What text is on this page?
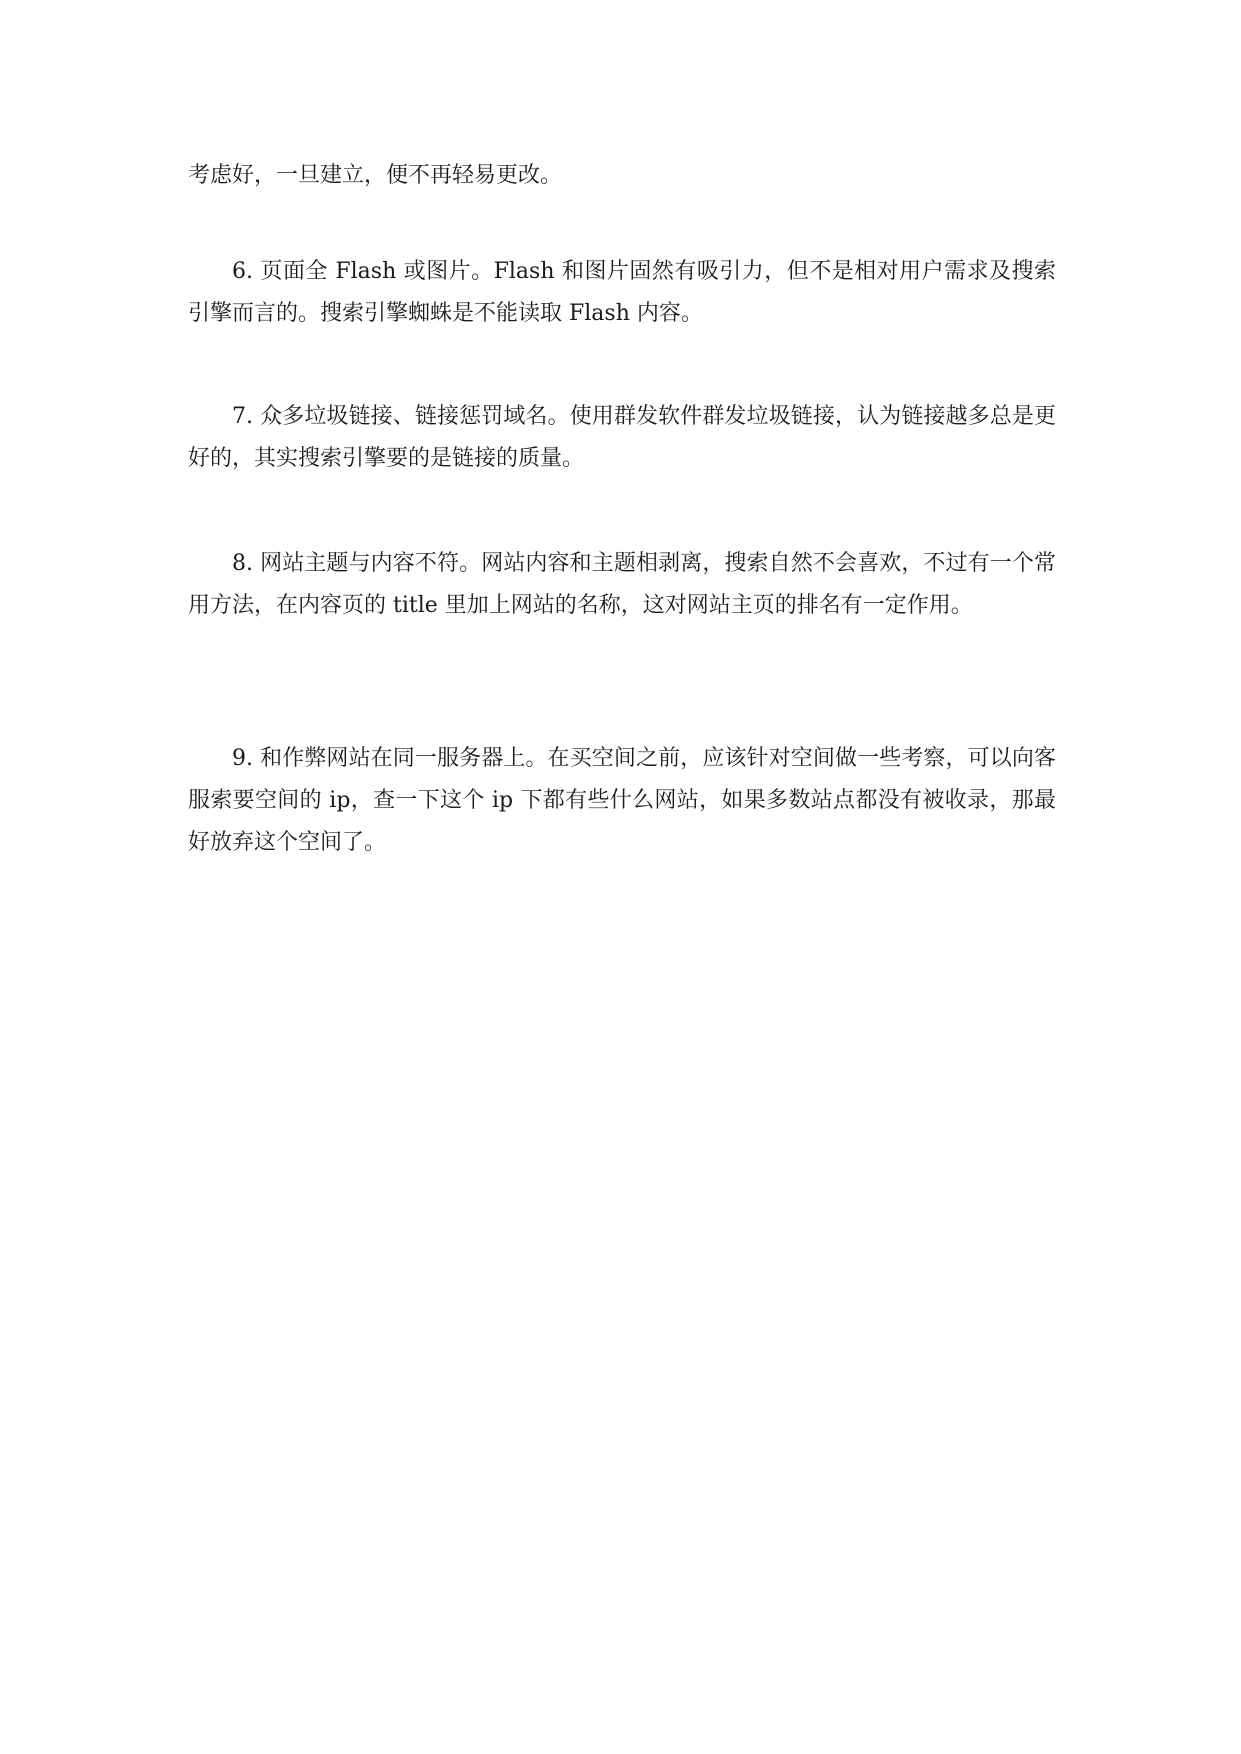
考虑好，一旦建立，便不再轻易更改。

6. 页面全 Flash 或图片。Flash 和图片固然有吸引力，但不是相对用户需求及搜索引擎而言的。搜索引擎蜘蛛是不能读取 Flash 内容。

7. 众多垃圾链接、链接惩罚域名。使用群发软件群发垃圾链接，认为链接越多总是更好的，其实搜索引擎要的是链接的质量。

8. 网站主题与内容不符。网站内容和主题相剥离，搜索自然不会喜欢，不过有一个常用方法，在内容页的 title 里加上网站的名称，这对网站主页的排名有一定作用。

9. 和作弊网站在同一服务器上。在买空间之前，应该针对空间做一些考察，可以向客服索要空间的 ip，查一下这个 ip 下都有些什么网站，如果多数站点都没有被收录，那最好放弃这个空间了。
